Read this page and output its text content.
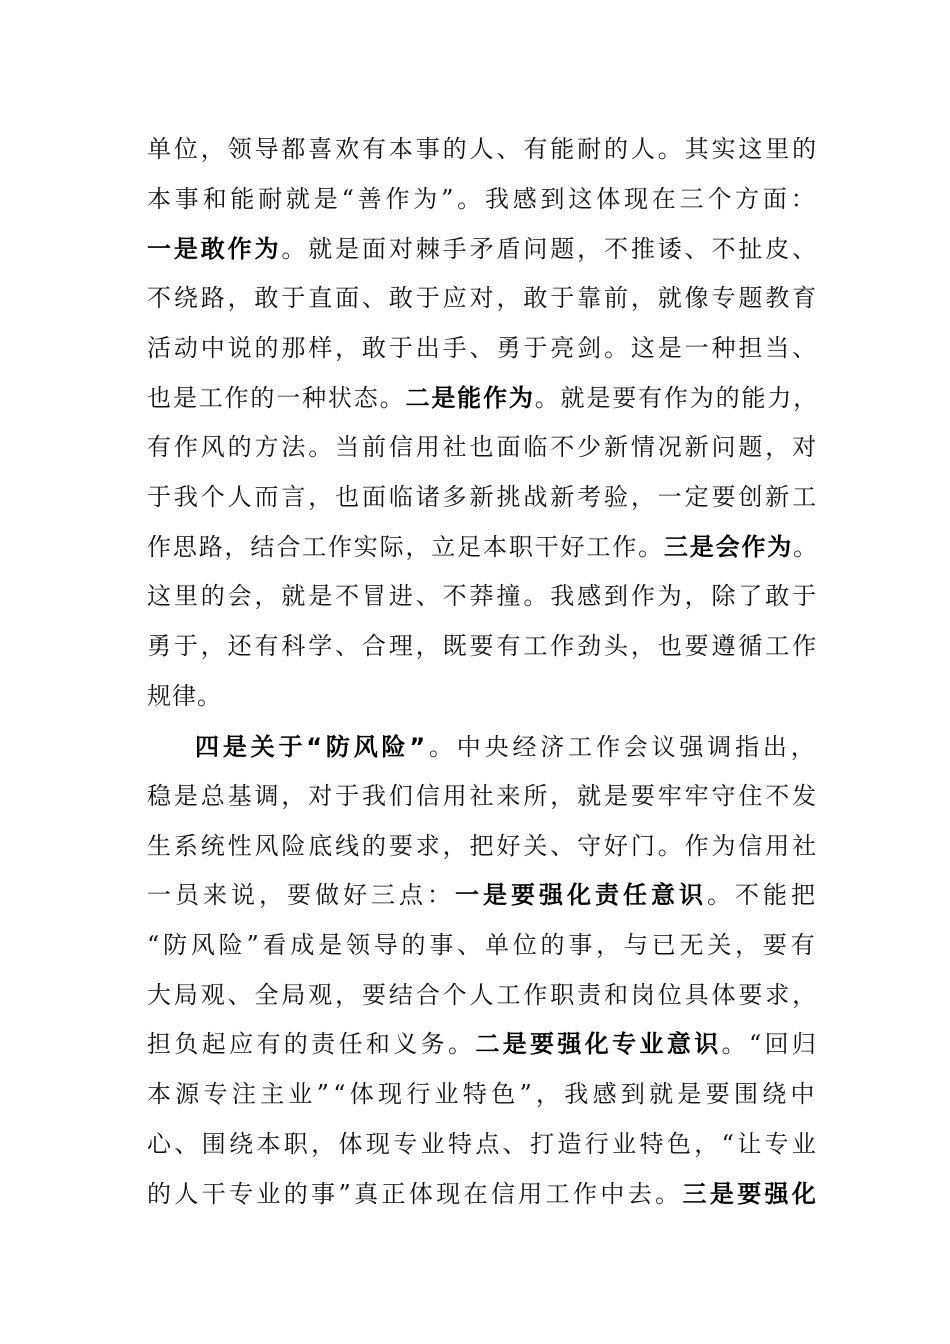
单位，领导都喜欢有本事的人、有能耐的人。其实这里的
本事和能耐就是“善作为”。我感到这体现在三个方面：
一是敢作为。就是面对棘手矛盾问题，不推诿、不扯皮、
不绕路，敢于直面、敢于应对，敢于靠前，就像专题教育
活动中说的那样，敢于出手、勇于亮剑。这是一种担当、
也是工作的一种状态。二是能作为。就是要有作为的能力，
有作风的方法。当前信用社也面临不少新情况新问题，对
于我个人而言，也面临诸多新挑战新考验，一定要创新工
作思路，结合工作实际，立足本职干好工作。三是会作为。
这里的会，就是不冒进、不莽撞。我感到作为，除了敢于
勇于，还有科学、合理，既要有工作劲头，也要遵循工作
规律。
四是关于“防风险”。中央经济工作会议强调指出，
稳是总基调，对于我们信用社来所，就是要牢牢守住不发
生系统性风险底线的要求，把好关、守好门。作为信用社
一员来说，要做好三点：一是要强化责任意识。不能把
“防风险”看成是领导的事、单位的事，与已无关，要有
大局观、全局观，要结合个人工作职责和岗位具体要求，
担负起应有的责任和义务。二是要强化专业意识。“回归
本源专注主业”“体现行业特色”，我感到就是要围绕中
心、围绕本职，体现专业特点、打造行业特色，“让专业
的人干专业的事”真正体现在信用工作中去。三是要强化
